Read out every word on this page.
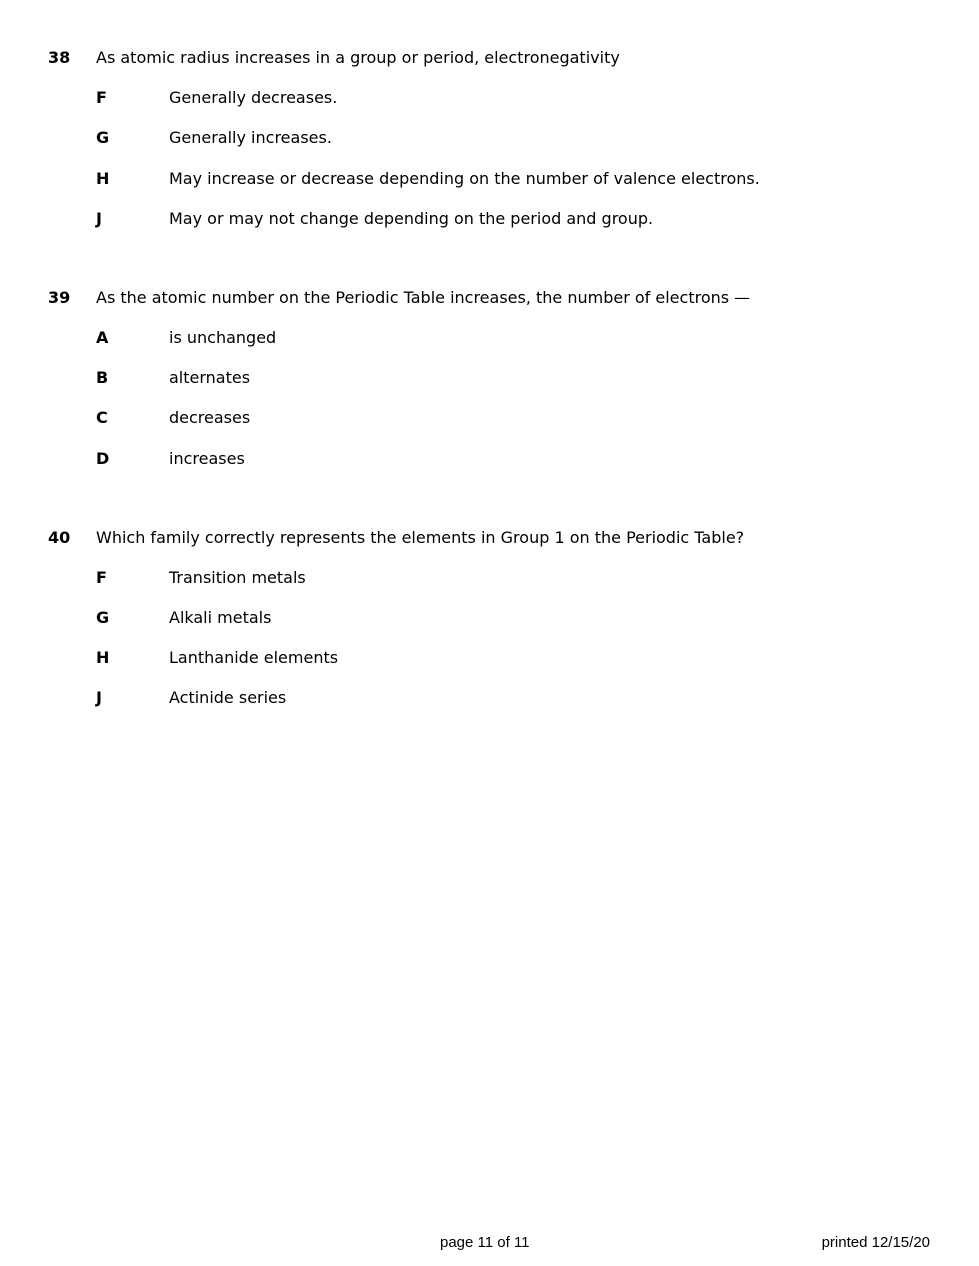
38 As atomic radius increases in a group or period, electronegativity
F	Generally decreases.
G	Generally increases.
H	May increase or decrease depending on the number of valence electrons.
J	May or may not change depending on the period and group.
39 As the atomic number on the Periodic Table increases, the number of electrons —
A	is unchanged
B	alternates
C	decreases
D	increases
40 Which family correctly represents the elements in Group 1 on the Periodic Table?
F	Transition metals
G	Alkali metals
H	Lanthanide elements
J	Actinide series
page 11 of 11	printed 12/15/20
